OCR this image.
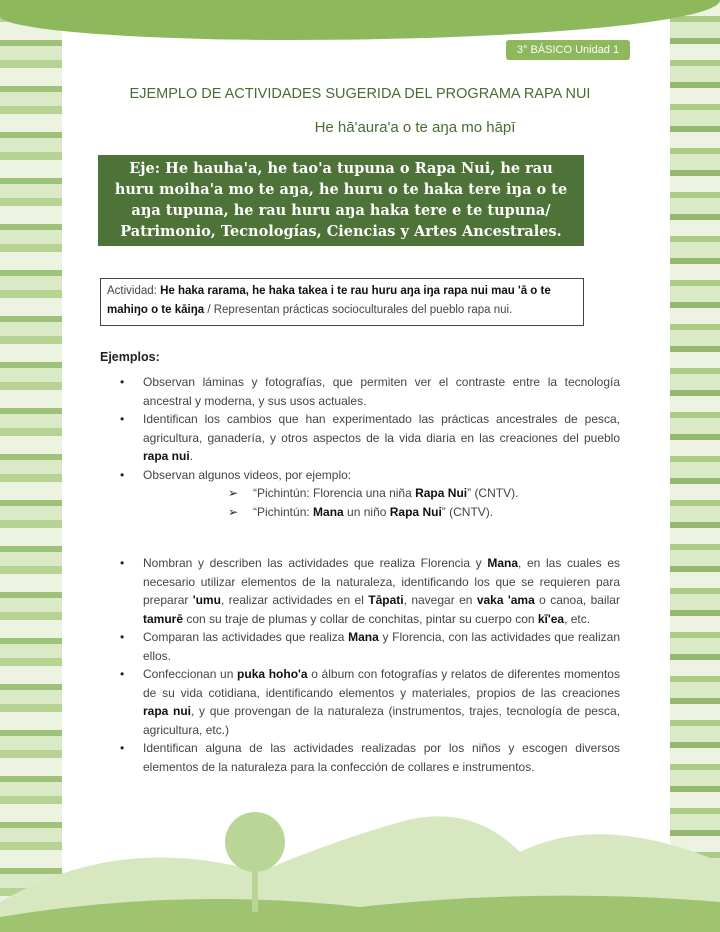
3° BÁSICO Unidad 1
EJEMPLO DE ACTIVIDADES SUGERIDA DEL PROGRAMA RAPA NUI
He hā'aura'a o te aŋa mo hāpī
Eje: He hauha'a, he tao'a tupuna o Rapa Nui, he rau huru moiha'a mo te aŋa, he huru o te haka tere iŋa o te aŋa tupuna, he rau huru aŋa haka tere e te tupuna/ Patrimonio, Tecnologías, Ciencias y Artes Ancestrales.
Actividad: He haka rarama, he haka takea i te rau huru aŋa iŋa rapa nui mau 'ā o te mahiŋo o te kāiŋa / Representan prácticas socioculturales del pueblo rapa nui.
Ejemplos:
• Observan láminas y fotografías, que permiten ver el contraste entre la tecnología ancestral y moderna, y sus usos actuales.
• Identifican los cambios que han experimentado las prácticas ancestrales de pesca, agricultura, ganadería, y otros aspectos de la vida diaria en las creaciones del pueblo rapa nui.
• Observan algunos videos, por ejemplo:
➢ “Pichintún: Florencia una niña Rapa Nui” (CNTV).
➢ “Pichintún: Mana un niño Rapa Nui” (CNTV).
• Nombran y describen las actividades que realiza Florencia y Mana, en las cuales es necesario utilizar elementos de la naturaleza, identificando los que se requieren para preparar 'umu, realizar actividades en el Tāpati, navegar en vaka 'ama o canoa, bailar tamurē con su traje de plumas y collar de conchitas, pintar su cuerpo con kī'ea, etc.
• Comparan las actividades que realiza Mana y Florencia, con las actividades que realizan ellos.
• Confeccionan un puka hoho'a o álbum con fotografías y relatos de diferentes momentos de su vida cotidiana, identificando elementos y materiales, propios de las creaciones rapa nui, y que provengan de la naturaleza (instrumentos, trajes, tecnología de pesca, agricultura, etc.)
• Identifican alguna de las actividades realizadas por los niños y escogen diversos elementos de la naturaleza para la confección de collares e instrumentos.
